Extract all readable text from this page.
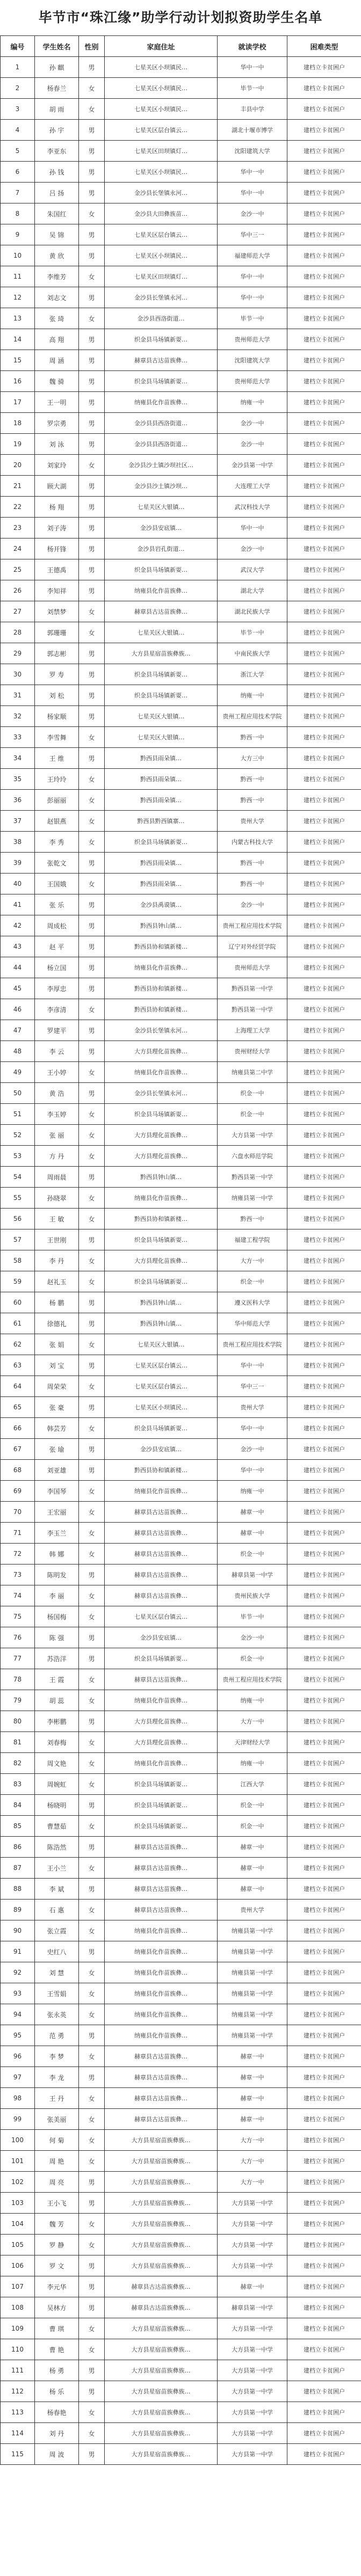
毕节市“珠江缘”助学行动计划拟资助学生名单
编号	学生姓名	性别	家庭住址	就读学校	困难类型
1	孙 麒	男	七星关区小坝镇民…	华中一中	建档立卡贫困户
2	杨春兰	女	七星关区小坝镇民…	毕节一中	建档立卡贫困户
3	胡 雨	女	七星关区小坝镇民…	丰县中学	建档立卡贫困户
4	孙 宇	男	七星关区层台镇云…	湖北十堰市博学	建档立卡贫困户
5	李亚东	男	七星关区田坝镇灯…	沈阳建筑大学	建档立卡贫困户
6	孙 钱	男	七星关区小坝镇民…	华中一中	建档立卡贫困户
7	吕 扬	男	金沙县长堡镇永河…	华中一中	建档立卡贫困户
8	朱国红	女	金沙县大田彝族苗…	金沙一中	建档立卡贫困户
9	吴 锦	男	七星关区层台镇云…	华中三一	建档立卡贫困户
10	黄 欣	男	七星关区小坝镇民…	福建师范大学	建档立卡贫困户
11	李维芳	女	七星关区田坝镇灯…	华中一中	建档立卡贫困户
12	刘志文	男	金沙县长堡镇永河…	华中一中	建档立卡贫困户
13	张 琦	女	金沙县西洛街道…	毕节一中	建档立卡贫困户
14	高 翔	男	织金县马场镇新耍…	贵州师范大学	建档立卡贫困户
15	周 涵	男	赫章县古达苗族彝…	沈阳建筑大学	建档立卡贫困户
16	魏 骑	男	织金县马场镇新耍…	贵州师范大学	建档立卡贫困户
17	王一明	男	纳雍县化作苗族彝…	纳雍一中	建档立卡贫困户
18	罗宗勇	男	金沙县县西洛街道…	金沙一中	建档立卡贫困户
19	刘 泳	男	金沙县县西洛街道…	金沙一中	建档立卡贫困户
20	刘家玲	女	金沙县沙土镇沙坝社区…	金沙县第一中学	建档立卡贫困户
21	顾大湖	男	金沙县沙土镇沙坝…	大连理工大学	建档立卡贫困户
22	杨 翔	男	七星关区大银镇…	武汉科技大学	建档立卡贫困户
23	刘子涛	男	金沙县安底镇…	华中一中	建档立卡贫困户
24	杨开锋	男	金沙县岩孔街道…	金沙一中	建档立卡贫困户
25	王德禹	男	织金县马场镇新耍…	武汉大学	建档立卡贫困户
26	李知祥	男	纳雍县化作苗族彝…	湖北大学	建档立卡贫困户
27	刘禁梦	女	赫章县古达苗族彝…	湖北民族大学	建档立卡贫困户
28	郭珊珊	女	七星关区大银镇…	毕节一中	建档立卡贫困户
29	郭志彬	男	大方县星宿苗族彝族…	中南民族大学	建档立卡贫困户
30	罗 寿	男	织金县马场镇新耍…	浙江大学	建档立卡贫困户
31	刘 松	男	织金县马场镇新耍…	纳雍一中	建档立卡贫困户
32	杨家顺	男	七星关区大银镇…	贵州工程应用技术学院	建档立卡贫困户
33	李雪舞	女	七星关区大银镇…	黔西一中	建档立卡贫困户
34	王 维	男	黔西县雨朵镇…	大方三中	建档立卡贫困户
35	王玲玲	女	黔西县雨朵镇…	黔西一中	建档立卡贫困户
36	彭丽丽	女	黔西县雨朵镇…	黔西一中	建档立卡贫困户
37	赵银燕	女	黔西县黔西镇寨…	贵州大学	建档立卡贫困户
38	李 秀	女	织金县马场镇新耍…	内蒙古科技大学	建档立卡贫困户
39	张乾文	男	黔西县雨朵镇…	黔西一中	建档立卡贫困户
40	王国娥	女	黔西县雨朵镇…	黔西一中	建档立卡贫困户
41	张 乐	男	金沙县禹谟镇…	金沙一中	建档立卡贫困户
42	周成松	男	黔西县钟山镇…	贵州工程应用技术学院	建档立卡贫困户
43	赵 平	男	黔西县协和镇新楼…	辽宁对外经贸学院	建档立卡贫困户
44	杨立国	男	纳雍县化作苗族彝…	贵州师范大学	建档立卡贫困户
45	李厚忠	男	黔西县协和镇新楼…	黔西县第一中学	建档立卡贫困户
46	李彦清	女	黔西县协和镇新楼…	黔西县第一中学	建档立卡贫困户
47	罗建平	男	金沙县长堡镇永河…	上海理工大学	建档立卡贫困户
48	李 云	男	大方县理化苗族彝…	贵州财经大学	建档立卡贫困户
49	王小婷	女	纳雍县化作苗族彝…	纳雍县第二中学	建档立卡贫困户
50	黄 浩	男	金沙县长堡镇永河…	织金一中	建档立卡贫困户
51	李玉婷	女	织金县马场镇新耍…	织金一中	建档立卡贫困户
52	张 丽	女	大方县理化苗族彝…	大方县第一中学	建档立卡贫困户
53	方 丹	女	大方县理化苗族彝…	六盘水师范学院	建档立卡贫困户
54	周雨晨	男	黔西县钟山镇…	黔西县第一中学	建档立卡贫困户
55	孙晓翠	女	纳雍县化作苗族彝…	纳雍县第一中学	建档立卡贫困户
56	王 敏	女	黔西县协和镇新楼…	黔西一中	建档立卡贫困户
57	王世刚	男	织金县马场镇新耍…	福建工程学院	建档立卡贫困户
58	李 丹	女	大方县理化苗族彝…	大方一中	建档立卡贫困户
59	赵礼玉	女	织金县马场镇新耍…	织金一中	建档立卡贫困户
60	杨 鹏	男	黔西县钟山镇…	遵义医科大学	建档立卡贫困户
61	徐德礼	男	黔西县钟山镇…	华中师范大学	建档立卡贫困户
62	张 娟	女	七星关区大银镇…	贵州工程应用技术学院	建档立卡贫困户
63	刘 宝	男	七星关区层台镇云…	华中一中	建档立卡贫困户
64	周荣荣	女	七星关区层台镇云…	华中三一	建档立卡贫困户
65	张 豪	男	七星关区小坝镇民…	贵州大学	建档立卡贫困户
66	韩芸芳	女	织金县马场镇新耍…	华中一中	建档立卡贫困户
67	张 瑜	男	金沙县安底镇…	金沙一中	建档立卡贫困户
68	刘亚雄	男	黔西县协和镇新楼…	华中一中	建档立卡贫困户
69	李国琴	女	纳雍县化作苗族彝…	纳雍一中	建档立卡贫困户
70	王宏丽	女	赫章县古达苗族彝…	赫章一中	建档立卡贫困户
71	李玉兰	女	赫章县古达苗族彝…	赫章一中	建档立卡贫困户
72	韩 娜	女	赫章县古达苗族彝…	织金一中	建档立卡贫困户
73	陈明发	男	赫章县古达苗族彝…	赫章县第一中学	建档立卡贫困户
74	李 丽	女	赫章县古达苗族彝…	贵州民族大学	建档立卡贫困户
75	杨国梅	女	七星关区层台镇云…	毕节一中	建档立卡贫困户
76	陈 强	男	金沙县安底镇…	金沙一中	建档立卡贫困户
77	苏浩洋	男	织金县马场镇新耍…	织金一中	建档立卡贫困户
78	王 霞	女	赫章县古达苗族彝…	贵州工程应用技术学院	建档立卡贫困户
79	胡 蕊	女	纳雍县化作苗族彝…	纳雍一中	建档立卡贫困户
80	李彬鹏	男	大方县理化苗族彝…	大方一中	建档立卡贫困户
81	刘春梅	女	大方县理化苗族彝…	天津财经大学	建档立卡贫困户
82	周文艳	女	纳雍县化作苗族彝…	纳雍一中	建档立卡贫困户
83	周婉虹	女	织金县马场镇新耍…	江西大学	建档立卡贫困户
84	杨晓明	男	织金县马场镇新耍…	织金一中	建档立卡贫困户
85	曹慧茹	女	织金县马场镇新耍…	织金一中	建档立卡贫困户
86	陈浩然	男	赫章县古达苗族彝…	赫章一中	建档立卡贫困户
87	王小兰	女	赫章县古达苗族彝…	赫章一中	建档立卡贫困户
88	李 斌	男	赫章县古达苗族彝…	赫章一中	建档立卡贫困户
89	石 惠	女	赫章县古达苗族彝…	贵州大学	建档立卡贫困户
90	张立霞	女	纳雍县化作苗族彝…	纳雍县第一中学	建档立卡贫困户
91	史红八	男	纳雍县化作苗族彝…	纳雍县第一中学	建档立卡贫困户
92	刘 慧	女	纳雍县化作苗族彝…	纳雍县第一中学	建档立卡贫困户
93	王雪娟	女	纳雍县化作苗族彝…	纳雍县第一中学	建档立卡贫困户
94	张永英	女	纳雍县化作苗族彝…	纳雍县第一中学	建档立卡贫困户
95	范 勇	男	纳雍县化作苗族彝…	纳雍县第一中学	建档立卡贫困户
96	李 梦	女	赫章县古达苗族彝…	赫章一中	建档立卡贫困户
97	李 龙	男	赫章县古达苗族彝…	赫章一中	建档立卡贫困户
98	王 丹	女	赫章县古达苗族彝…	赫章一中	建档立卡贫困户
99	张美丽	女	赫章县古达苗族彝…	赫章一中	建档立卡贫困户
100	何 菊	女	大方县星宿苗族彝族…	大方一中	建档立卡贫困户
101	周 艳	女	大方县星宿苗族彝族…	大方一中	建档立卡贫困户
102	周 亮	男	大方县星宿苗族彝族…	大方一中	建档立卡贫困户
103	王小飞	男	大方县星宿苗族彝族…	大方县第一中学	建档立卡贫困户
104	魏 芳	女	大方县星宿苗族彝族…	大方县第一中学	建档立卡贫困户
105	罗 静	女	大方县星宿苗族彝族…	大方县第一中学	建档立卡贫困户
106	罗 文	男	大方县星宿苗族彝族…	大方县第一中学	建档立卡贫困户
107	李元华	男	赫章县古达苗族彝族…	赫章一中	建档立卡贫困户
108	吴林方	男	赫章县古达苗族彝族…	赫章县第一中学	建档立卡贫困户
109	曹 琪	女	大方县星宿苗族彝族…	大方县第一中学	建档立卡贫困户
110	曹 艳	女	大方县星宿苗族彝族…	大方县第一中学	建档立卡贫困户
111	杨 勇	男	大方县星宿苗族彝族…	大方县第一中学	建档立卡贫困户
112	杨 乐	男	大方县星宿苗族彝族…	大方县第一中学	建档立卡贫困户
113	杨春艳	女	大方县星宿苗族彝族…	大方县第一中学	建档立卡贫困户
114	刘 丹	女	大方县星宿苗族彝族…	大方县第一中学	建档立卡贫困户
115	周 波	男	大方县星宿苗族彝族…	大方县第一中学	建档立卡贫困户
